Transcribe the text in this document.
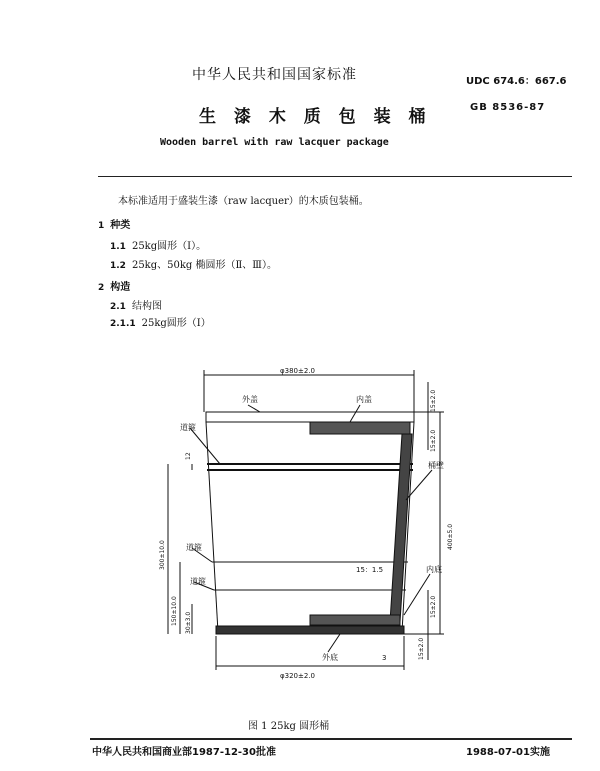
中华人民共和国国家标准	UDC 674.6：667.6
生 漆 木 质 包 装 桶	GB 8536-87
Wooden barrel with raw lacquer package
本标准适用于盛装生漆（raw lacquer）的木质包装桶。
1 种类
1.1 25kg圆形（Ⅰ）。
1.2 25kg、50kg 椭圆形（Ⅱ、Ⅲ）。
2 构造
2.1 结构图
2.1.1 25kg圆形（Ⅰ）
φ380±2.0
φ320±2.0
外盖	内盖
道箍
道箍
道箍
桶壁
内底
外底
15：1.5
3
15±2.0
15±2.0
15±2.0
15±2.0
400±5.0
300±10.0
150±10.0
12
30±3.0
图 1 25kg 圆形桶
中华人民共和国商业部1987-12-30批准	1988-07-01实施
